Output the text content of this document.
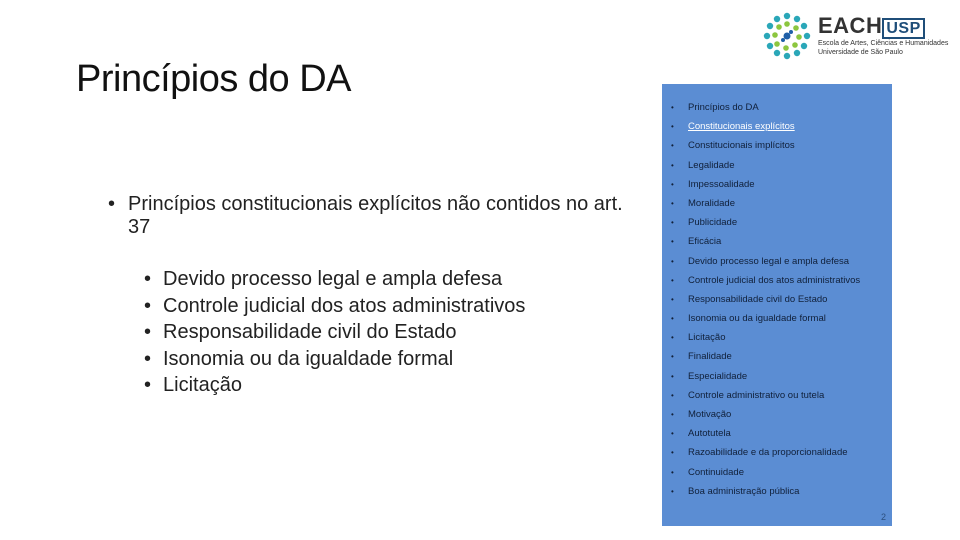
Princípios do DA
EACH USP
Escola de Artes, Ciências e Humanidades
Universidade de São Paulo
• Princípios constitucionais explícitos não contidos no art. 37
• Devido processo legal e ampla defesa
• Controle judicial dos atos administrativos
• Responsabilidade civil do Estado
• Isonomia ou da igualdade formal
• Licitação
• Princípios do DA
• Constitucionais explícitos
• Constitucionais implícitos
• Legalidade
• Impessoalidade
• Moralidade
• Publicidade
• Eficácia
• Devido processo legal e ampla defesa
• Controle judicial dos atos administrativos
• Responsabilidade civil do Estado
• Isonomia ou da igualdade formal
• Licitação
• Finalidade
• Especialidade
• Controle administrativo ou tutela
• Motivação
• Autotutela
• Razoabilidade e da proporcionalidade
• Continuidade
• Boa administração pública
2
